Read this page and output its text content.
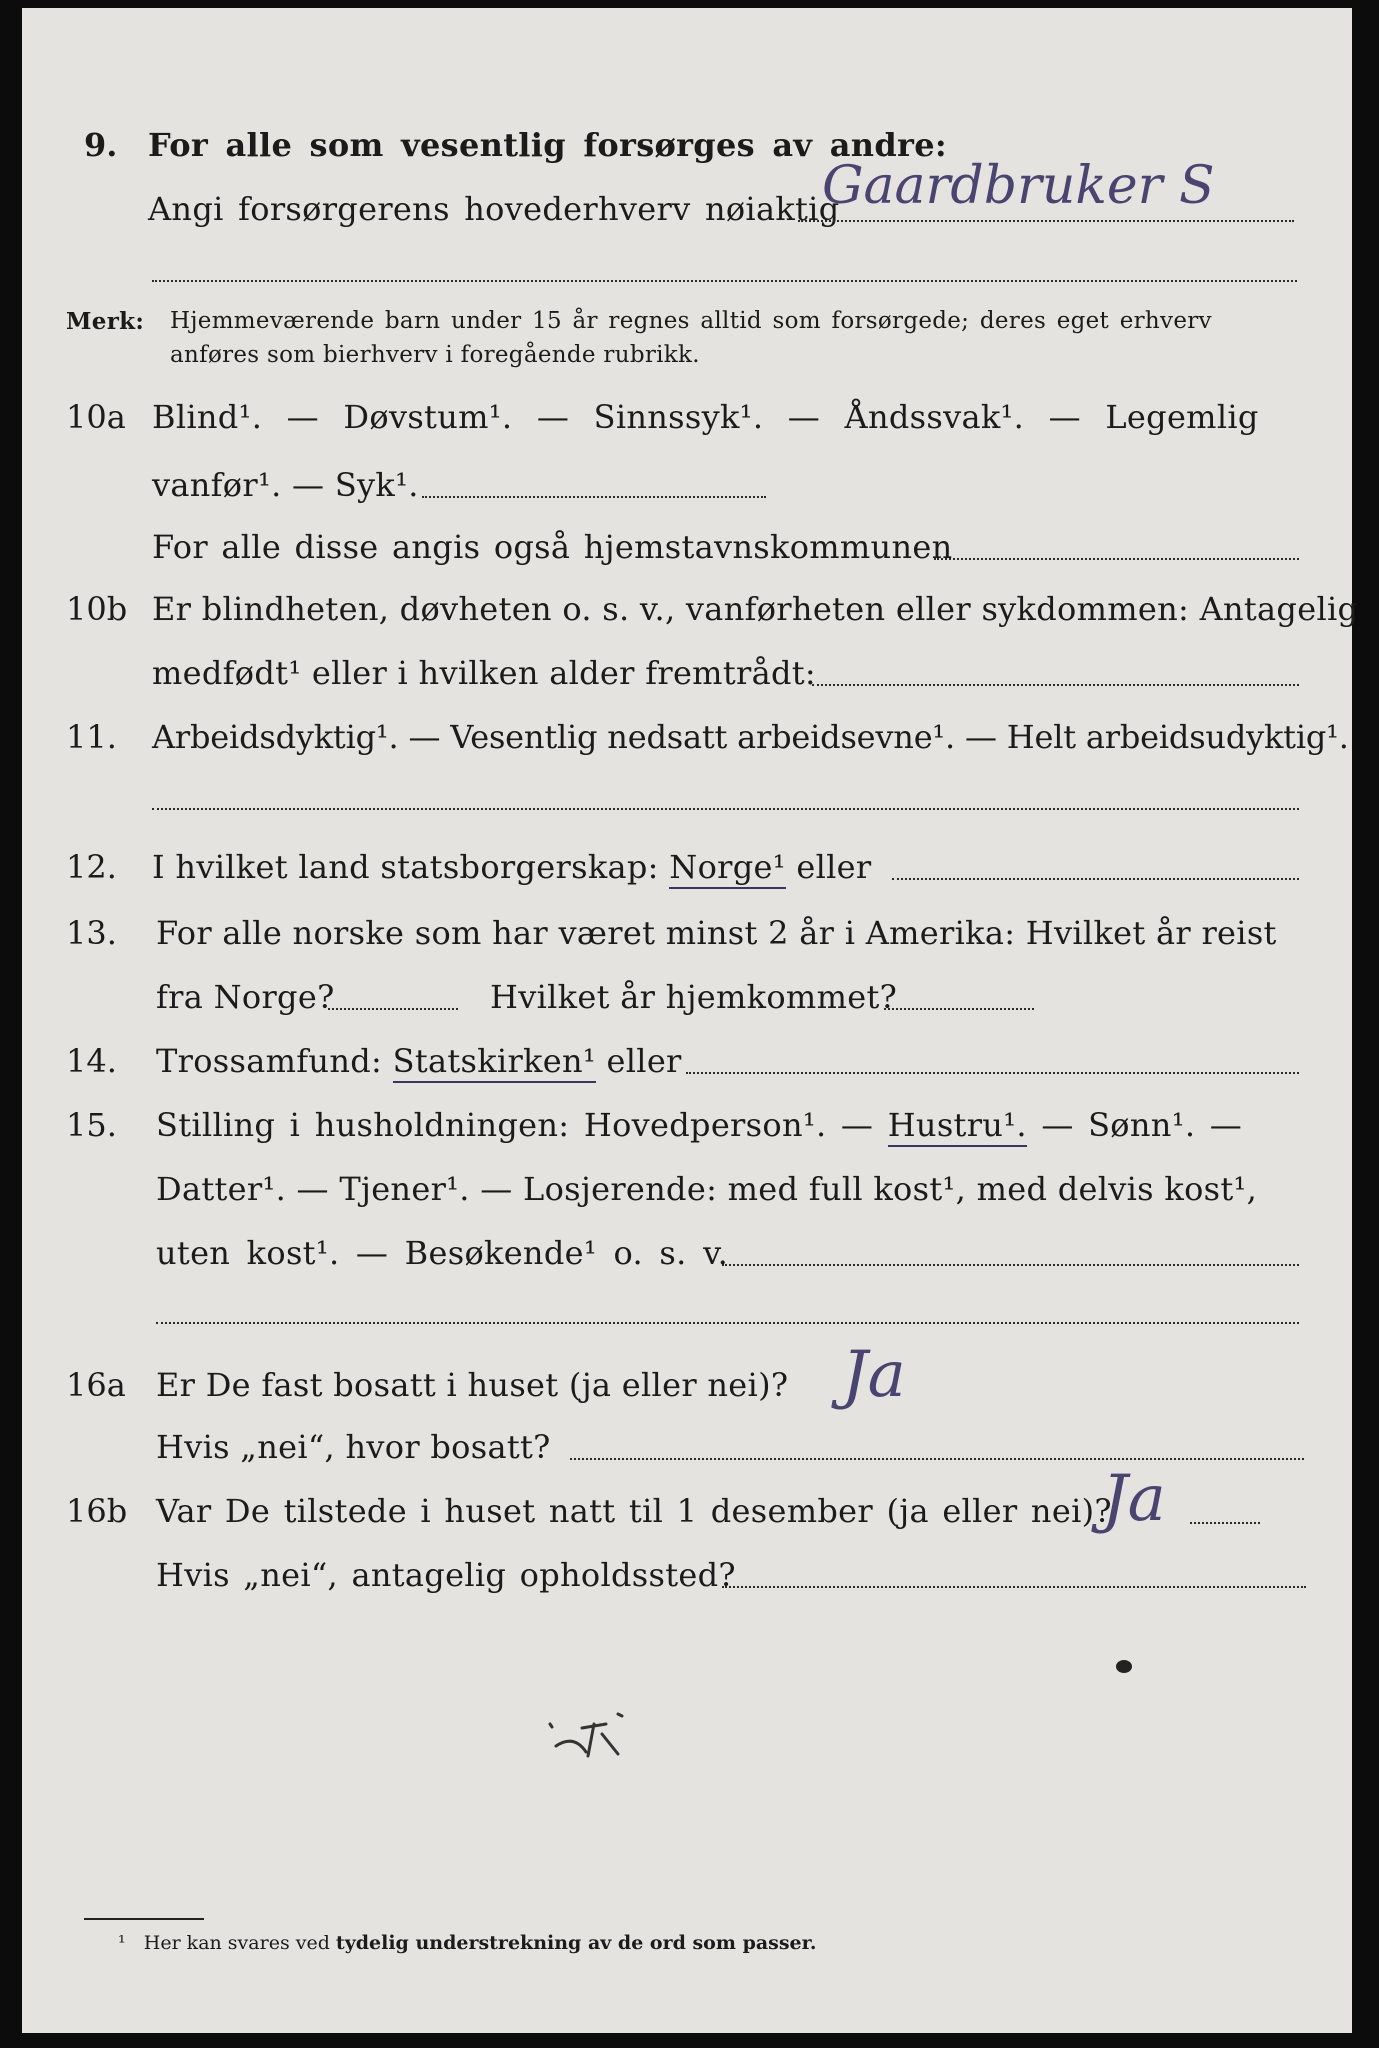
9. For alle som vesentlig forsørges av andre:
Angi forsørgerens hovederhverv nøiaktig
Gaardbruker S
Merk: Hjemmeværende barn under 15 år regnes alltid som forsørgede; deres eget erhverv
anføres som bierhverv i foregående rubrikk.
10a Blind¹. — Døvstum¹. — Sinnssyk¹. — Åndssvak¹. — Legemlig
vanfør¹. — Syk¹.
For alle disse angis også hjemstavnskommunen
10b Er blindheten, døvheten o. s. v., vanførheten eller sykdommen: Antagelig
medfødt¹ eller i hvilken alder fremtrådt:
11. Arbeidsdyktig¹. — Vesentlig nedsatt arbeidsevne¹. — Helt arbeidsudyktig¹.
12. I hvilket land statsborgerskap: Norge¹ eller
13. For alle norske som har været minst 2 år i Amerika: Hvilket år reist
fra Norge?	Hvilket år hjemkommet?
14. Trossamfund: Statskirken¹ eller
15. Stilling i husholdningen: Hovedperson¹. — Hustru¹. — Sønn¹. —
Datter¹. — Tjener¹. — Losjerende: med full kost¹, med delvis kost¹,
uten kost¹. — Besøkende¹ o. s. v.
16a Er De fast bosatt i huset (ja eller nei)? Ja
Hvis „nei“, hvor bosatt?
16b Var De tilstede i huset natt til 1 desember (ja eller nei)?
Ja
Hvis „nei“, antagelig opholdssted?
¹ Her kan svares ved tydelig understrekning av de ord som passer.
